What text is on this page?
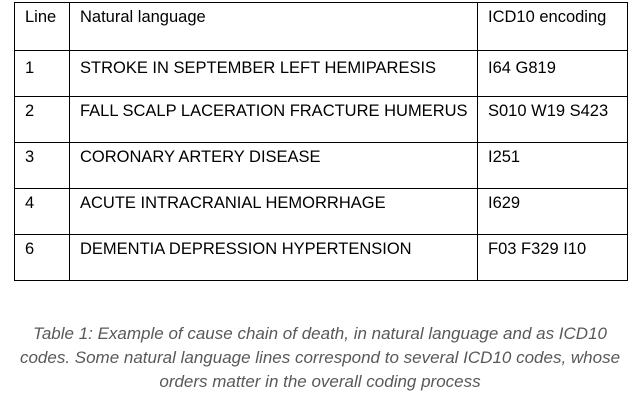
Line	Natural language	ICD10 encoding
1	STROKE IN SEPTEMBER LEFT HEMIPARESIS	I64 G819
2	FALL SCALP LACERATION FRACTURE HUMERUS	S010 W19 S423
3	CORONARY ARTERY DISEASE	I251
4	ACUTE INTRACRANIAL HEMORRHAGE	I629
6	DEMENTIA DEPRESSION HYPERTENSION	F03 F329 I10
Table 1: Example of cause chain of death, in natural language and as ICD10
codes. Some natural language lines correspond to several ICD10 codes, whose
orders matter in the overall coding process
